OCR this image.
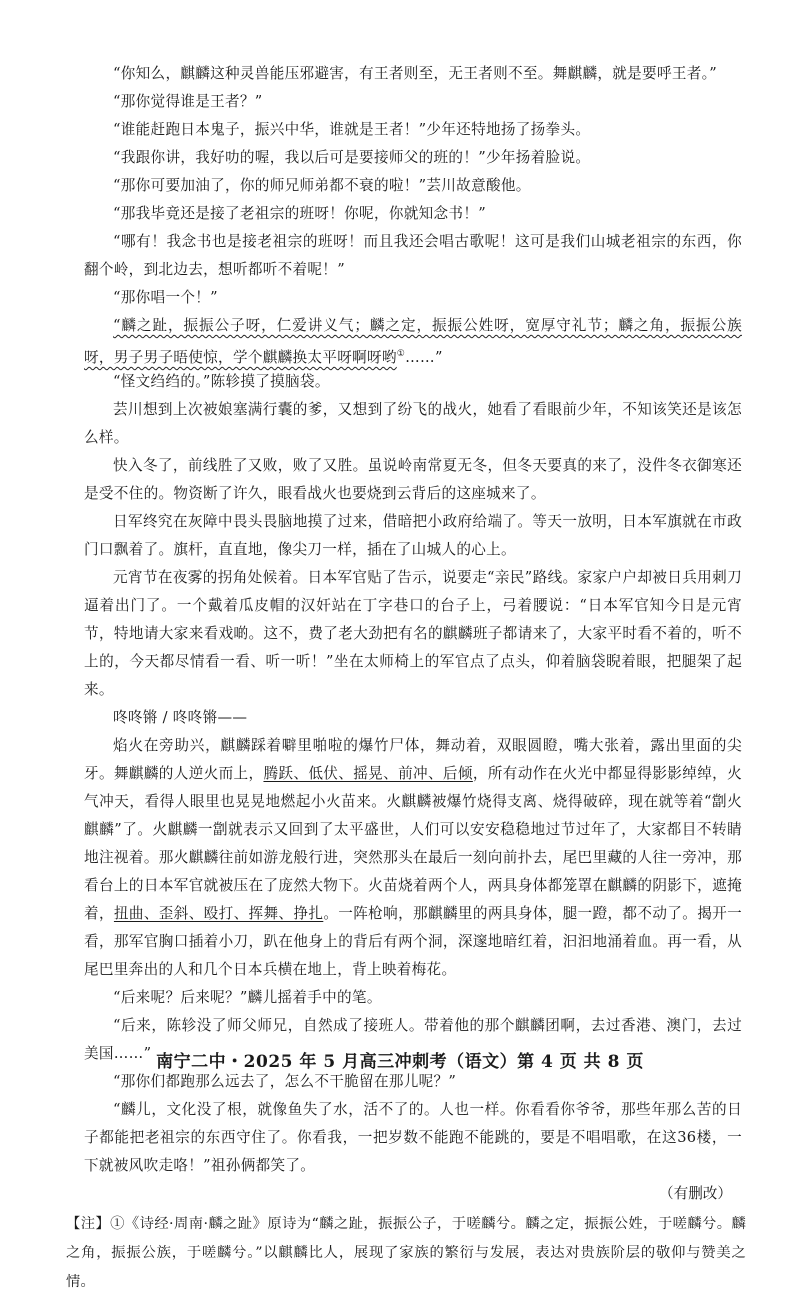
“你知么，麒麟这种灵兽能压邪避害，有王者则至，无王者则不至。舞麒麟，就是要呼王者。”

“那你觉得谁是王者？”

“谁能赶跑日本鬼子，振兴中华，谁就是王者！”少年还特地扬了扬拳头。

“我跟你讲，我好叻的喔，我以后可是要接师父的班的！”少年扬着脸说。

“那你可要加油了，你的师兄师弟都不衰的啦！”芸川故意酸他。

“那我毕竟还是接了老祖宗的班呀！你呢，你就知念书！”

“哪有！我念书也是接老祖宗的班呀！而且我还会唱古歌呢！这可是我们山城老祖宗的东西，你翻个岭，到北边去，想听都听不着呢！”

“那你唱一个！”

“麟之趾，振振公子呀，仁爱讲义气；麟之定，振振公姓呀，宽厚守礼节；麟之角，振振公族呀，男子男子晤使惊，学个麒麟换太平呀啊呀哟①……”

“怪文绉绉的。”陈轸摸了摸脑袋。

芸川想到上次被娘塞满行囊的爹，又想到了纷飞的战火，她看了看眼前少年，不知该笑还是该怎么样。

快入冬了，前线胜了又败，败了又胜。虽说岭南常夏无冬，但冬天要真的来了，没件冬衣御寒还是受不住的。物资断了许久，眼看战火也要烧到云背后的这座城来了。

日军终究在灰障中畏头畏脑地摸了过来，借暗把小政府给端了。等天一放明，日本军旗就在市政门口飘着了。旗杆，直直地，像尖刀一样，插在了山城人的心上。

元宵节在夜雾的拐角处候着。日本军官贴了告示，说要走“亲民”路线。家家户户却被日兵用刺刀逼着出门了。一个戴着瓜皮帽的汉奸站在丁字巷口的台子上，弓着腰说：“日本军官知今日是元宵节，特地请大家来看戏啲。这不，费了老大劲把有名的麒麟班子都请来了，大家平时看不着的，听不上的，今天都尽情看一看、听一听！”坐在太师椅上的军官点了点头，仰着脑袋睨着眼，把腿架了起来。

咚咚锵 / 咚咚锵——

焰火在旁助兴，麒麟踩着噼里啪啦的爆竹尸体，舞动着，双眼圆瞪，嘴大张着，露出里面的尖牙。舞麒麟的人逆火而上，腾跃、低伏、摇晃、前冲、后倾，所有动作在火光中都显得影影绰绰，火气冲天，看得人眼里也晃晃地燃起小火苗来。火麒麟被爆竹烧得支离、烧得破碎，现在就等着“劏火麒麟”了。火麒麟一劏就表示又回到了太平盛世，人们可以安安稳稳地过节过年了，大家都目不转睛地注视着。那火麒麟往前如游龙般行进，突然那头在最后一刻向前扑去，尾巴里藏的人往一旁冲，那看台上的日本军官就被压在了庞然大物下。火苗烧着两个人，两具身体都笼罩在麒麟的阴影下，遮掩着，扭曲、歪斜、殴打、挥舞、挣扎。一阵枪响，那麒麟里的两具身体，腿一蹬，都不动了。揭开一看，那军官胸口插着小刀，趴在他身上的背后有两个洞，深邃地暗红着，汩汩地涌着血。再一看，从尾巴里奔出的人和几个日本兵横在地上，背上映着梅花。

“后来呢？后来呢？”麟儿摇着手中的笔。

“后来，陈轸没了师父师兄，自然成了接班人。带着他的那个麒麟团啊，去过香港、澳门，去过美国……”

“那你们都跑那么远去了，怎么不干脆留在那儿呢？”

“麟儿，文化没了根，就像鱼失了水，活不了的。人也一样。你看看你爷爷，那些年那么苦的日子都能把老祖宗的东西守住了。你看我，一把岁数不能跑不能跳的，要是不唱唱歌，在这36楼，一下就被风吹走咯！”祖孙俩都笑了。

（有删改）
【注】①《诗经·周南·麟之趾》原诗为“麟之趾，振振公子，于嗟麟兮。麟之定，振振公姓，于嗟麟兮。麟之角，振振公族，于嗟麟兮。”以麒麟比人，展现了家族的繁衍与发展，表达对贵族阶层的敬仰与赞美之情。
南宁二中・2025 年 5 月高三冲刺考（语文）第 4 页 共 8 页
